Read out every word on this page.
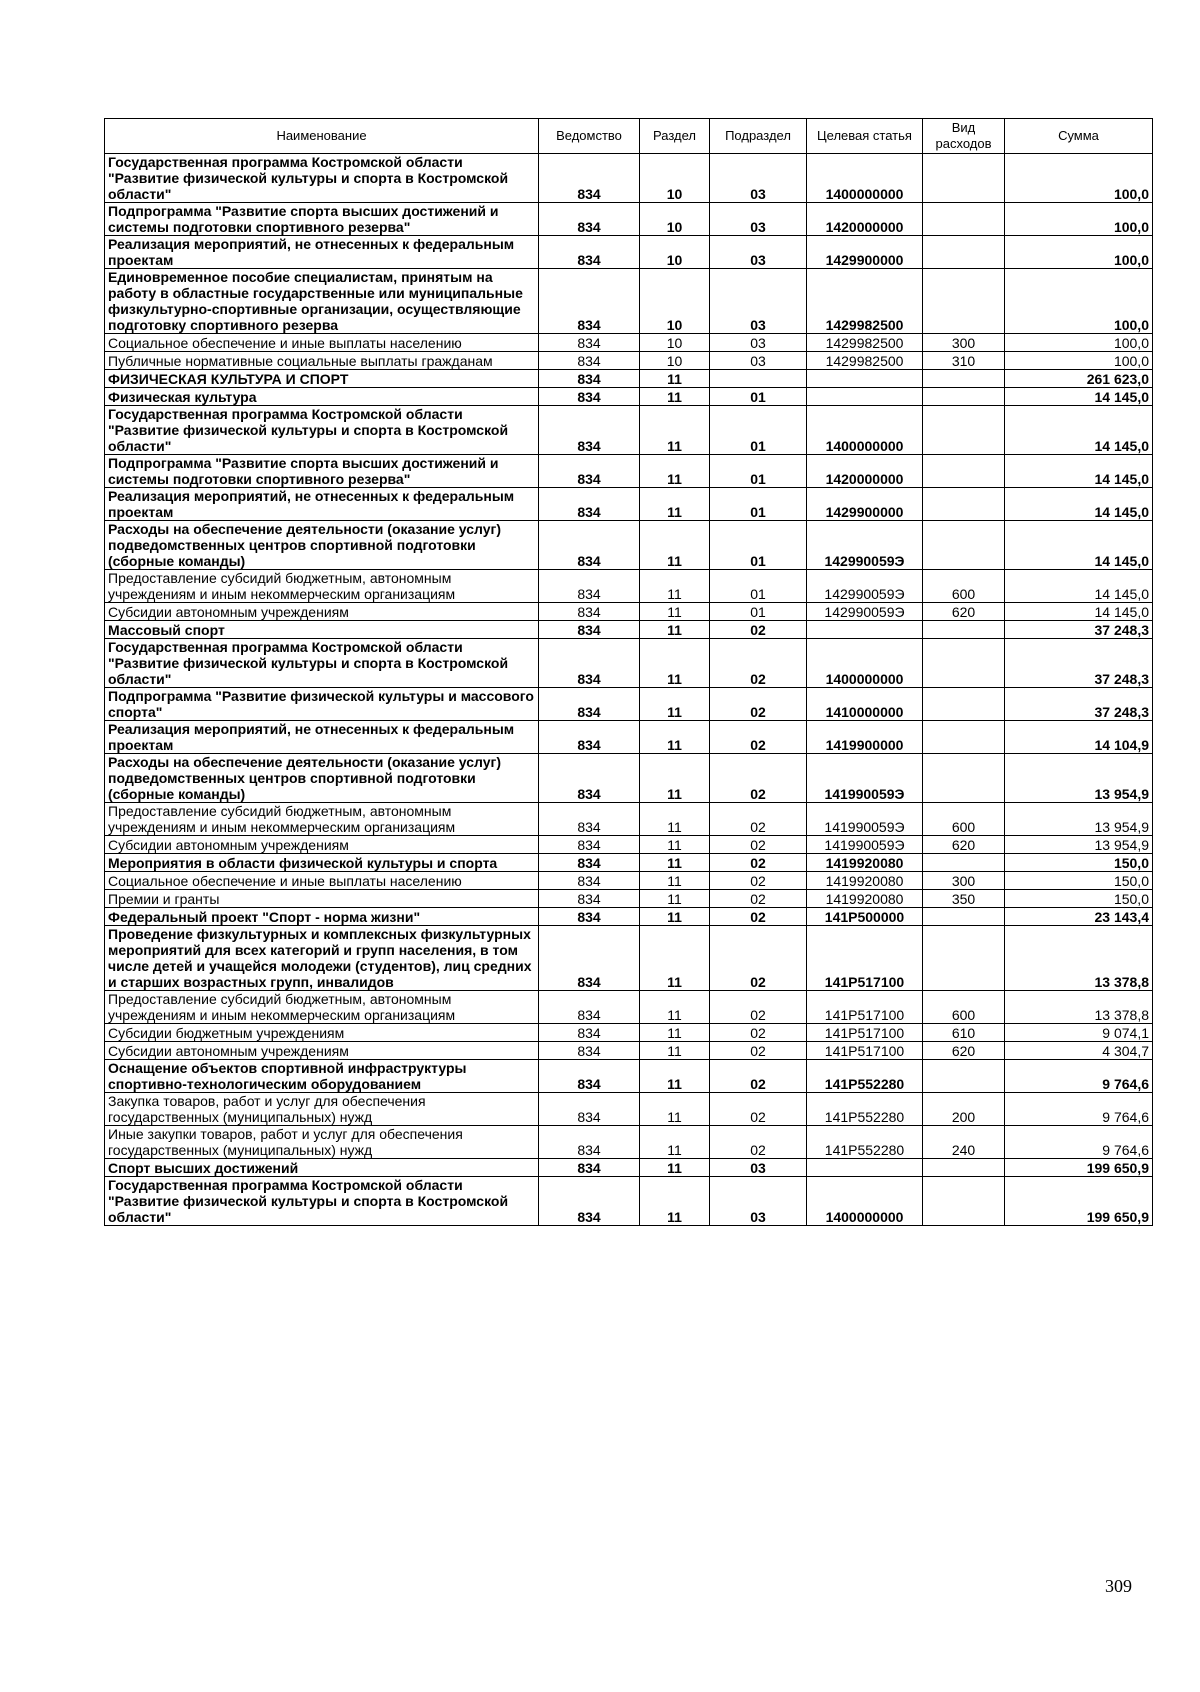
Наименование	Ведомство	Раздел	Подраздел	Целевая статья	Вид расходов	Сумма
Государственная программа Костромской области "Развитие физической культуры и спорта в Костромской области"	834	10	03	1400000000		100,0
Подпрограмма "Развитие спорта высших достижений и системы подготовки спортивного резерва"	834	10	03	1420000000		100,0
Реализация мероприятий, не отнесенных к федеральным проектам	834	10	03	1429900000		100,0
Единовременное пособие специалистам, принятым на работу в областные государственные или муниципальные физкультурно-спортивные организации, осуществляющие подготовку спортивного резерва	834	10	03	1429982500		100,0
Социальное обеспечение и иные выплаты населению	834	10	03	1429982500	300	100,0
Публичные нормативные социальные выплаты гражданам	834	10	03	1429982500	310	100,0
ФИЗИЧЕСКАЯ КУЛЬТУРА И СПОРТ	834	11				261 623,0
Физическая культура	834	11	01			14 145,0
Государственная программа Костромской области "Развитие физической культуры и спорта в Костромской области"	834	11	01	1400000000		14 145,0
Подпрограмма "Развитие спорта высших достижений и системы подготовки спортивного резерва"	834	11	01	1420000000		14 145,0
Реализация мероприятий, не отнесенных к федеральным проектам	834	11	01	1429900000		14 145,0
Расходы на обеспечение деятельности (оказание услуг) подведомственных центров спортивной подготовки (сборные команды)	834	11	01	142990059Э		14 145,0
Предоставление субсидий бюджетным, автономным учреждениям и иным некоммерческим организациям	834	11	01	142990059Э	600	14 145,0
Субсидии автономным учреждениям	834	11	01	142990059Э	620	14 145,0
Массовый спорт	834	11	02			37 248,3
Государственная программа Костромской области "Развитие физической культуры и спорта в Костромской области"	834	11	02	1400000000		37 248,3
Подпрограмма "Развитие физической культуры и массового спорта"	834	11	02	1410000000		37 248,3
Реализация мероприятий, не отнесенных к федеральным проектам	834	11	02	1419900000		14 104,9
Расходы на обеспечение деятельности (оказание услуг) подведомственных центров спортивной подготовки (сборные команды)	834	11	02	141990059Э		13 954,9
Предоставление субсидий бюджетным, автономным учреждениям и иным некоммерческим организациям	834	11	02	141990059Э	600	13 954,9
Субсидии автономным учреждениям	834	11	02	141990059Э	620	13 954,9
Мероприятия в области физической культуры и спорта	834	11	02	1419920080		150,0
Социальное обеспечение и иные выплаты населению	834	11	02	1419920080	300	150,0
Премии и гранты	834	11	02	1419920080	350	150,0
Федеральный проект "Спорт - норма жизни"	834	11	02	141Р500000		23 143,4
Проведение физкультурных и комплексных физкультурных мероприятий для всех категорий и групп населения, в том числе детей и учащейся молодежи (студентов), лиц средних и старших возрастных групп, инвалидов	834	11	02	141Р517100		13 378,8
Предоставление субсидий бюджетным, автономным учреждениям и иным некоммерческим организациям	834	11	02	141Р517100	600	13 378,8
Субсидии бюджетным учреждениям	834	11	02	141Р517100	610	9 074,1
Субсидии автономным учреждениям	834	11	02	141Р517100	620	4 304,7
Оснащение объектов спортивной инфраструктуры спортивно-технологическим оборудованием	834	11	02	141Р552280		9 764,6
Закупка товаров, работ и услуг для обеспечения государственных (муниципальных) нужд	834	11	02	141Р552280	200	9 764,6
Иные закупки товаров, работ и услуг для обеспечения государственных (муниципальных) нужд	834	11	02	141Р552280	240	9 764,6
Спорт высших достижений	834	11	03			199 650,9
Государственная программа Костромской области "Развитие физической культуры и спорта в Костромской области"	834	11	03	1400000000		199 650,9
309
